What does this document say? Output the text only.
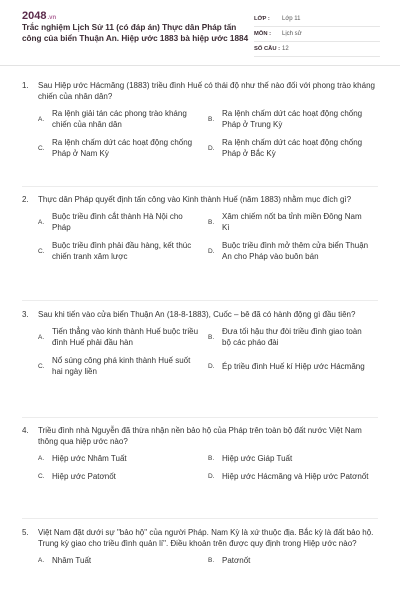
2048.vn
Trắc nghiệm Lịch Sử 11 (có đáp án) Thực dân Pháp tấn công của biển Thuận An. Hiệp ước 1883 bà hiệp ước 1884
LỚP :	Lớp 11
MÔN :	Lịch sử
SỐ CÂU : 12
1.	Sau Hiệp ước Hácmăng (1883) triều đình Huế có thái độ như thế nào đối với phong trào kháng chiến của nhân dân?
A.
Ra lệnh giải tán các phong trào kháng chiến của nhân dân
B.
Ra lệnh chấm dứt các hoạt động chống Pháp ở Trung Kỳ
C.
Ra lệnh chấm dứt các hoạt động chống Pháp ở Nam Kỳ
D.
Ra lệnh chấm dứt các hoạt động chống Pháp ở Bắc Kỳ
2.	Thực dân Pháp quyết định tấn công vào Kinh thành Huế (năm 1883) nhằm mục đích gì?
A.
Buộc triều đình cắt thành Hà Nội cho Pháp
B.
Xâm chiếm nốt ba tỉnh miền Đông Nam Kì
C.
Buộc triều đình phải đầu hàng, kết thúc chiến tranh xâm lược
D.
Buộc triều đình mở thêm cửa biển Thuận An cho Pháp vào buôn bán
3.	Sau khi tiến vào cửa biển Thuận An (18-8-1883), Cuốc – bê đã có hành động gì đầu tiên?
A.
Tiến thẳng vào kinh thành Huế buộc triều đình Huế phải đầu hàn
B.
Đưa tối hậu thư đòi triều đình giao toàn bộ các pháo đài
C.
Nổ súng công phá kinh thành Huế suốt hai ngày liền
D. Ép triều đình Huế kí Hiệp ước Hácmăng
4.	Triều đình nhà Nguyễn đã thừa nhận nền bảo hộ của Pháp trên toàn bộ đất nước Việt Nam thông qua hiệp ước nào?
A. Hiệp ước Nhâm Tuất	B. Hiệp ước Giáp Tuất
C. Hiệp ước Patơnốt	D. Hiệp ước Hácmăng và Hiệp ước Patơnốt
5.	Việt Nam đặt dưới sự "bảo hộ" của người Pháp. Nam Kỳ là xứ thuộc địa. Bắc kỳ là đất bảo hộ. Trung kỳ giao cho triều đình quản lí". Điều khoản trên được quy định trong Hiệp ước nào?
A. Nhâm Tuất	B. Patơnốt
